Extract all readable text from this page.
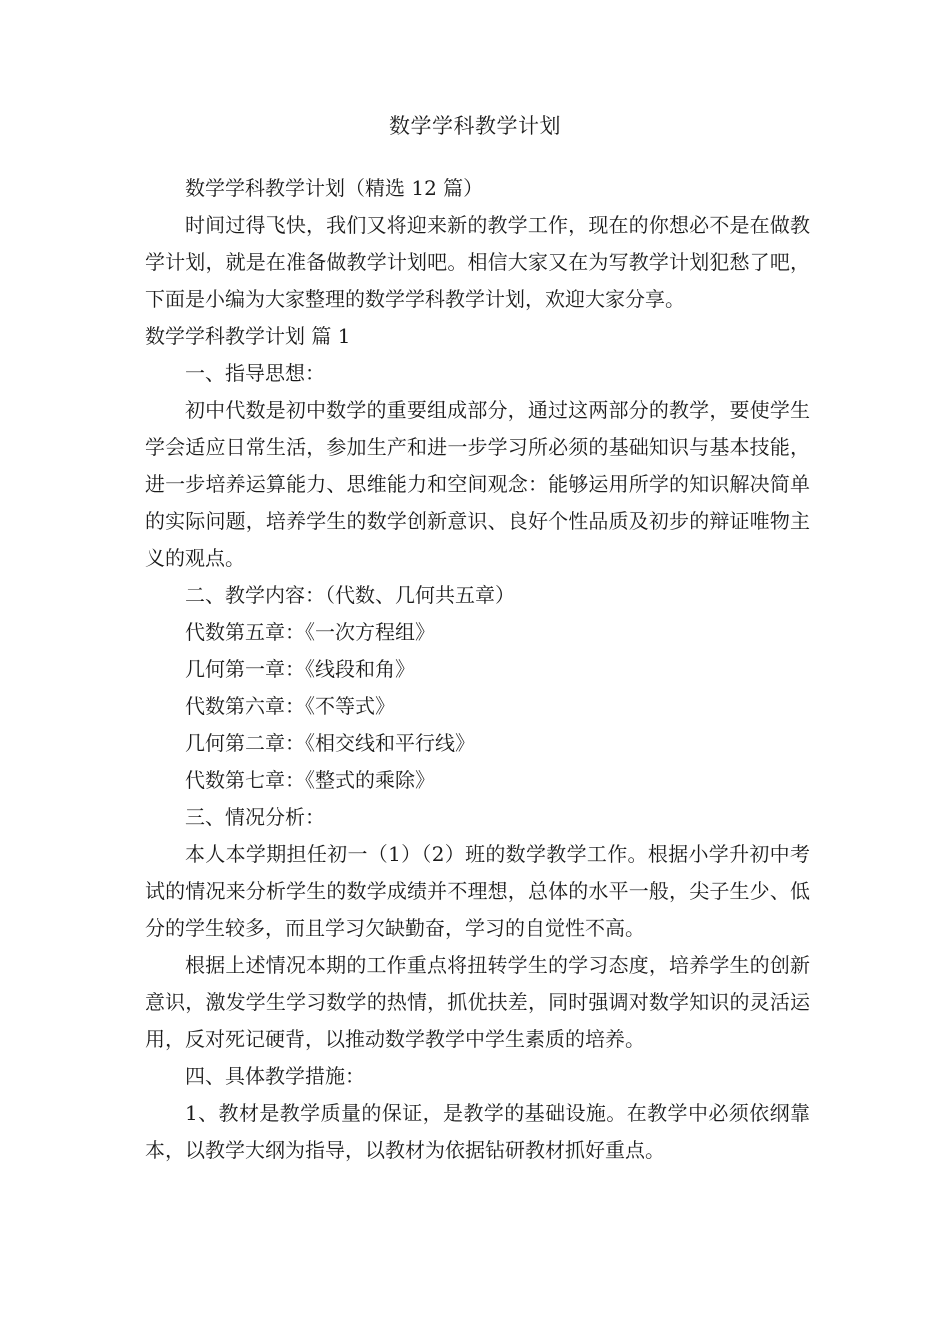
数学学科教学计划

数学学科教学计划（精选 12 篇）

时间过得飞快，我们又将迎来新的教学工作，现在的你想必不是在做教学计划，就是在准备做教学计划吧。相信大家又在为写教学计划犯愁了吧，下面是小编为大家整理的数学学科教学计划，欢迎大家分享。

数学学科教学计划 篇 1

一、指导思想：

初中代数是初中数学的重要组成部分，通过这两部分的教学，要使学生学会适应日常生活，参加生产和进一步学习所必须的基础知识与基本技能，进一步培养运算能力、思维能力和空间观念：能够运用所学的知识解决简单的实际问题，培养学生的数学创新意识、良好个性品质及初步的辩证唯物主义的观点。

二、教学内容：（代数、几何共五章）

代数第五章：《一次方程组》

几何第一章：《线段和角》

代数第六章：《不等式》

几何第二章：《相交线和平行线》

代数第七章：《整式的乘除》

三、情况分析：

本人本学期担任初一（1）（2）班的数学教学工作。根据小学升初中考试的情况来分析学生的数学成绩并不理想，总体的水平一般，尖子生少、低分的学生较多，而且学习欠缺勤奋，学习的自觉性不高。

根据上述情况本期的工作重点将扭转学生的学习态度，培养学生的创新意识，激发学生学习数学的热情，抓优扶差，同时强调对数学知识的灵活运用，反对死记硬背，以推动数学教学中学生素质的培养。

四、具体教学措施：

1、教材是教学质量的保证，是教学的基础设施。在教学中必须依纲靠本，以教学大纲为指导，以教材为依据钻研教材抓好重点。
